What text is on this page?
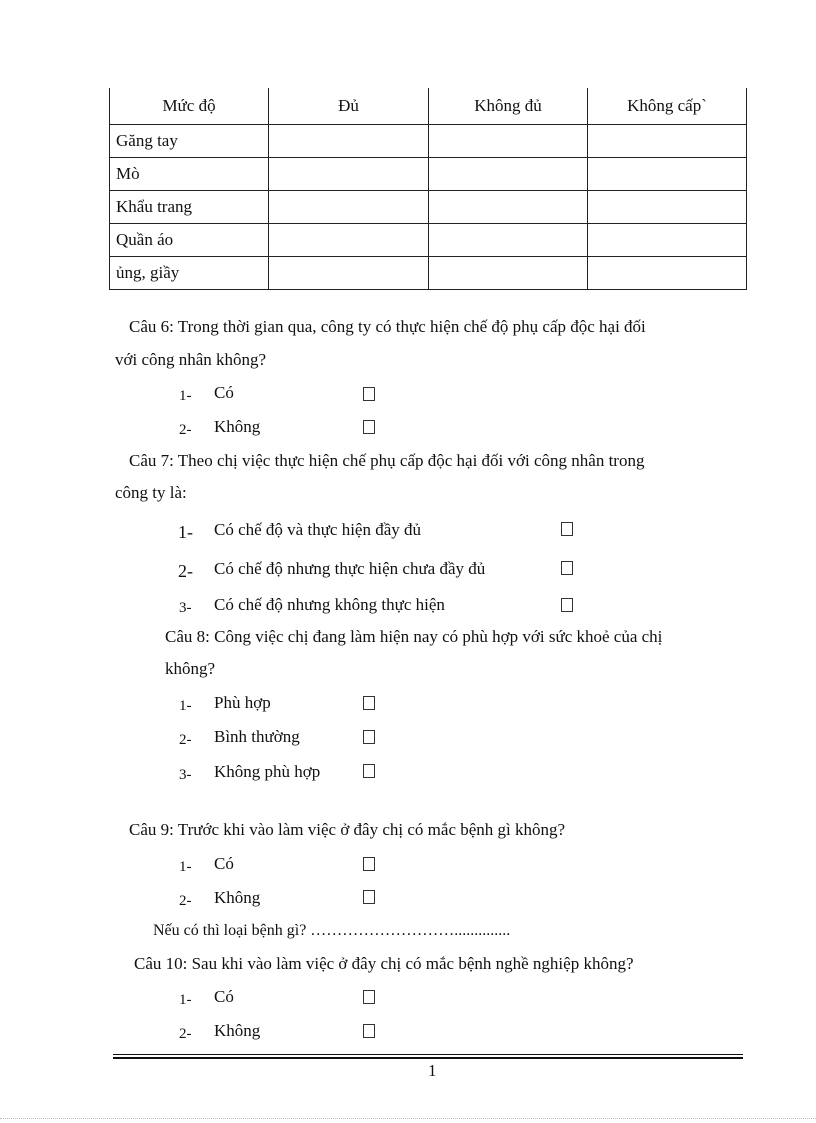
Mức độ	Đủ	Không đủ	Không cấp`
Găng tay			
Mò			
Khẩu trang			
Quần áo			
ủng, giầy			
Câu 6: Trong thời gian qua, công ty có thực hiện chế độ phụ cấp độc hại đối
với công nhân không?
1- Có
2- Không
Câu 7: Theo chị việc thực hiện chế phụ cấp độc hại đối với công nhân trong
công ty là:
1- Có chế độ và thực hiện đầy đủ
2- Có chế độ nhưng thực hiện chưa đầy đủ
3- Có chế độ nhưng không thực hiện
Câu 8: Công việc chị đang làm hiện nay có phù hợp với sức khoẻ của chị
không?
1- Phù hợp
2- Bình thường
3- Không phù hợp
Câu 9: Trước khi vào làm việc ở đây chị có mắc bệnh gì không?
1- Có
2- Không
Nếu có thì loại bệnh gì? ………………………..............
Câu 10: Sau khi vào làm việc ở đây chị có mắc bệnh nghề nghiệp không?
1- Có
2- Không
1
